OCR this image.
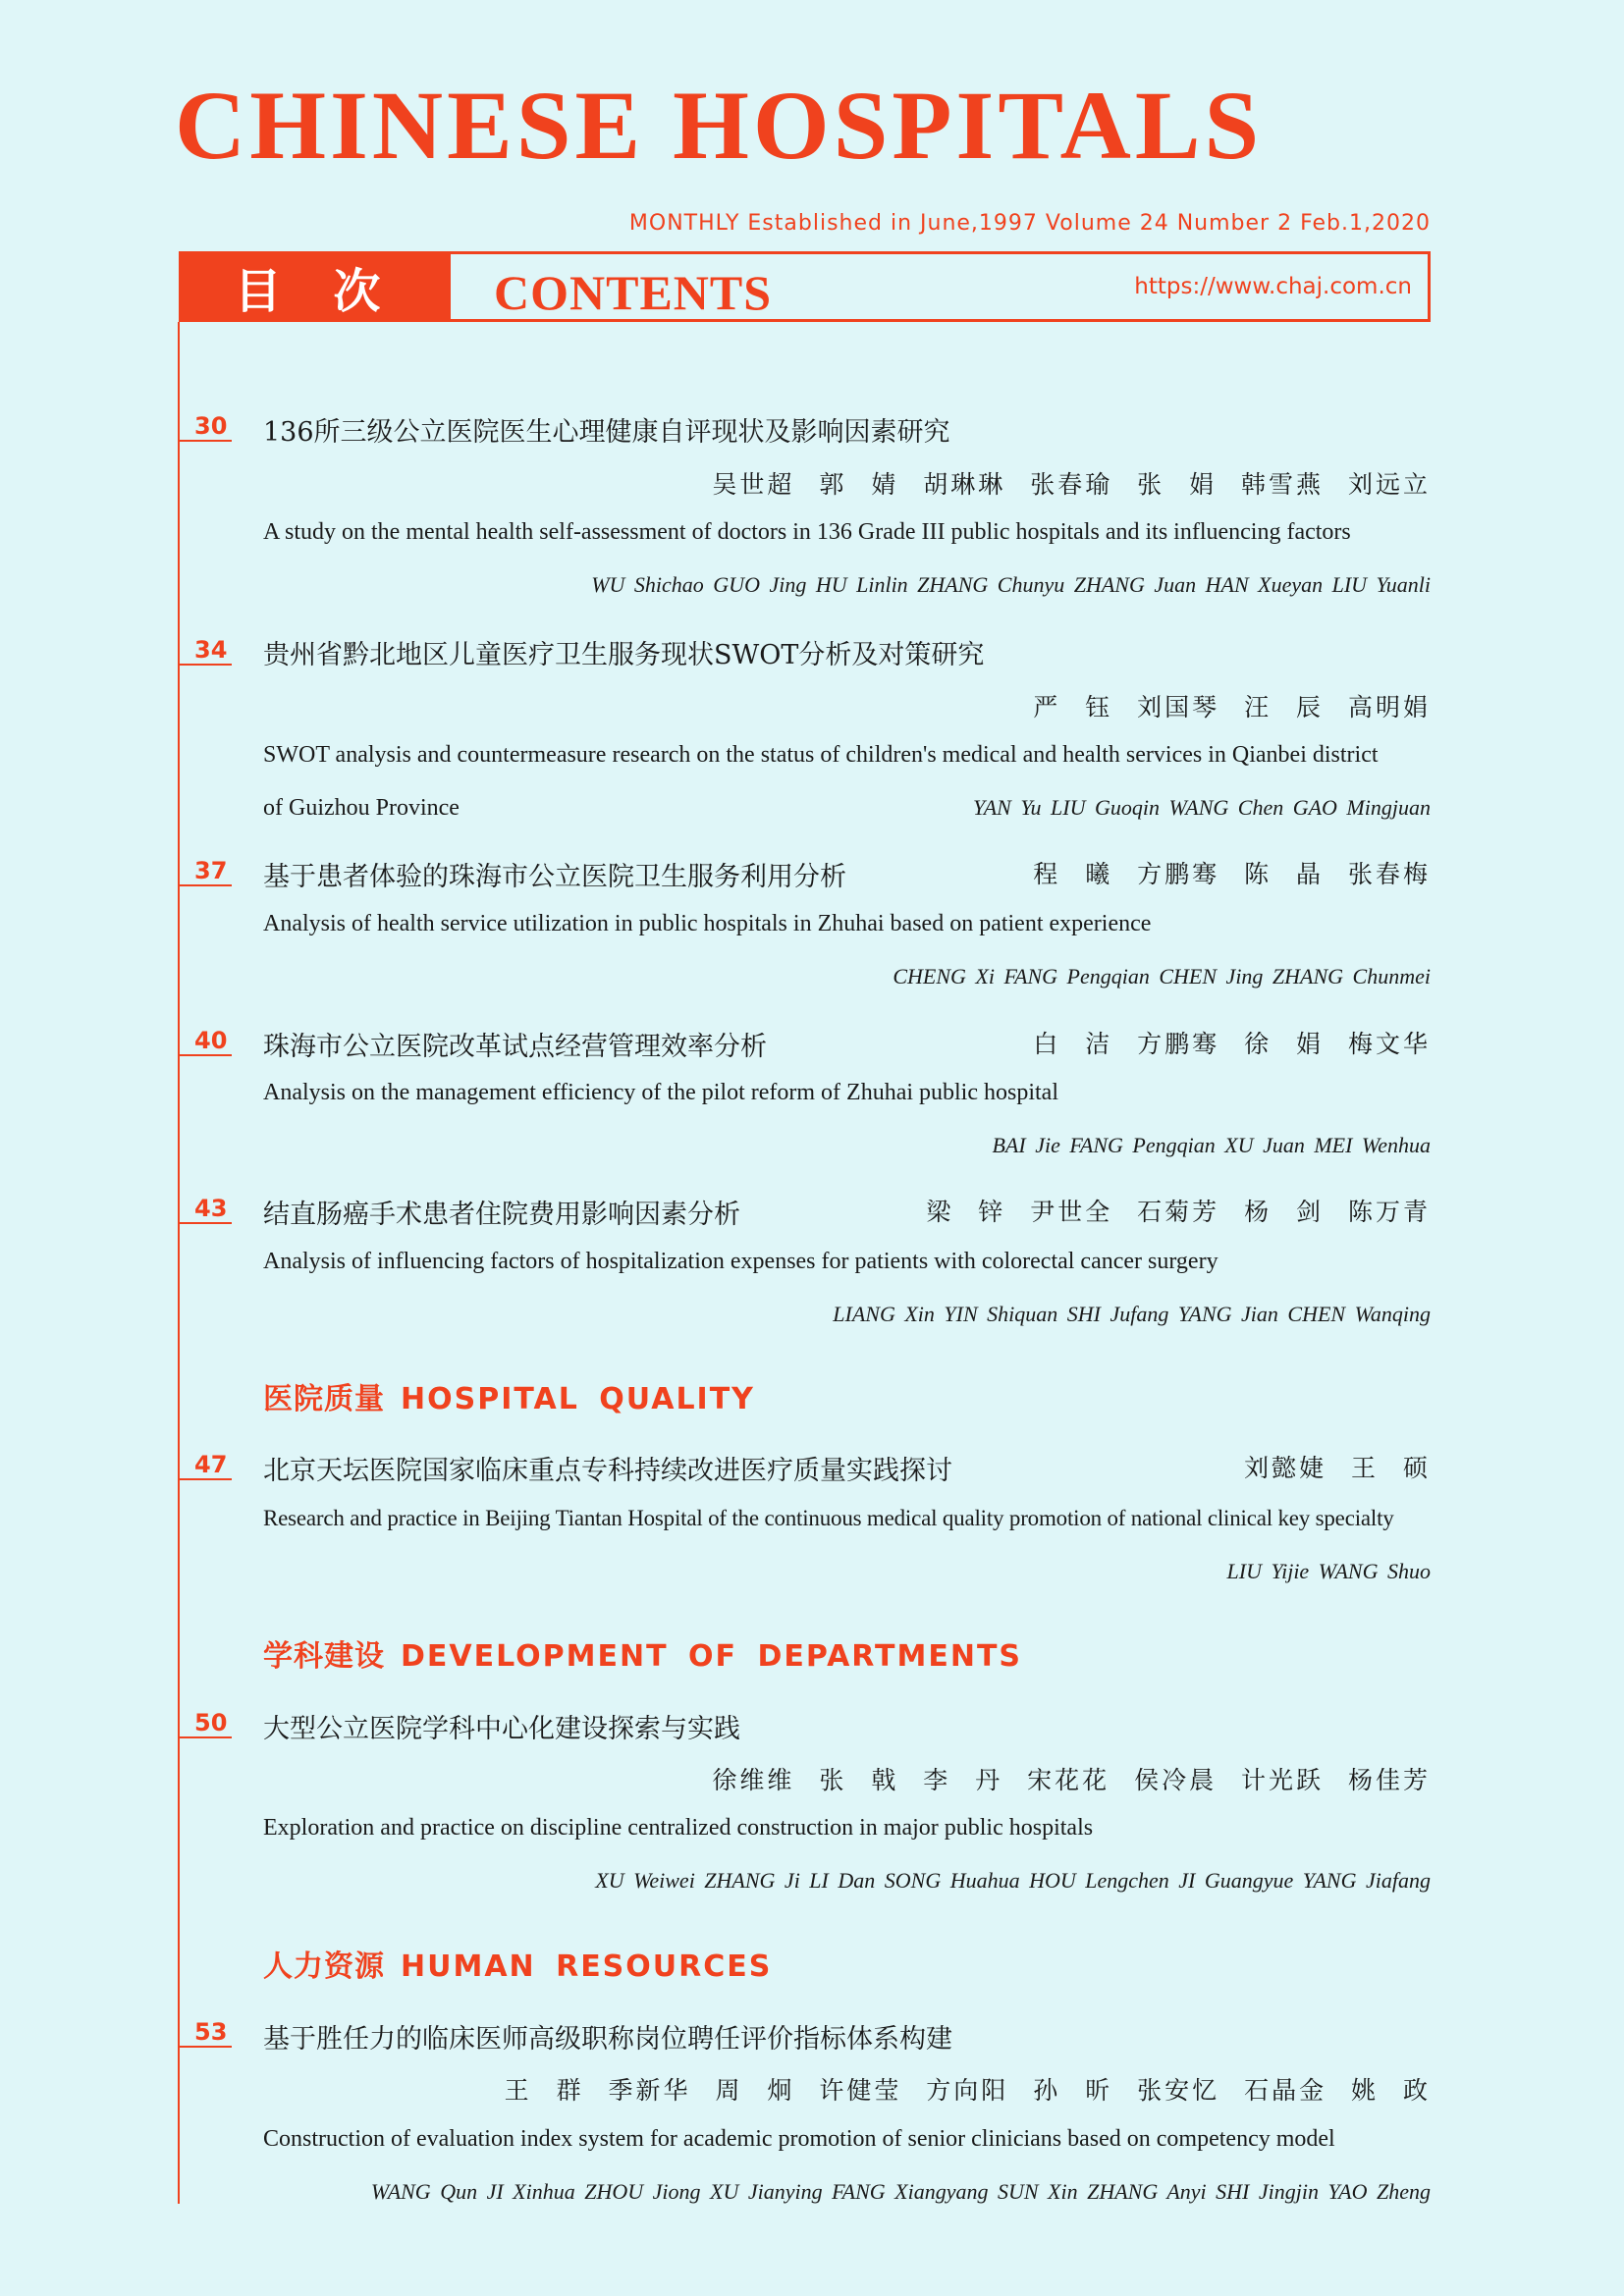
CHINESE HOSPITALS
MONTHLY Established in June,1997 Volume 24 Number 2 Feb.1,2020
目 次	CONTENTS	https://www.chaj.com.cn
30	136所三级公立医院医生心理健康自评现状及影响因素研究
吴世超 郭 婧 胡琳琳 张春瑜 张 娟 韩雪燕 刘远立
A study on the mental health self-assessment of doctors in 136 Grade III public hospitals and its influencing factors
WU Shichao GUO Jing HU Linlin ZHANG Chunyu ZHANG Juan HAN Xueyan LIU Yuanli
34	贵州省黔北地区儿童医疗卫生服务现状SWOT分析及对策研究
严 钰 刘国琴 汪 辰 高明娟
SWOT analysis and countermeasure research on the status of children's medical and health services in Qianbei district
of Guizhou Province	YAN Yu LIU Guoqin WANG Chen GAO Mingjuan
37	基于患者体验的珠海市公立医院卫生服务利用分析	程 曦 方鹏骞 陈 晶 张春梅
Analysis of health service utilization in public hospitals in Zhuhai based on patient experience
CHENG Xi FANG Pengqian CHEN Jing ZHANG Chunmei
40	珠海市公立医院改革试点经营管理效率分析	白 洁 方鹏骞 徐 娟 梅文华
Analysis on the management efficiency of the pilot reform of Zhuhai public hospital
BAI Jie FANG Pengqian XU Juan MEI Wenhua
43	结直肠癌手术患者住院费用影响因素分析	梁 锌 尹世全 石菊芳 杨 剑 陈万青
Analysis of influencing factors of hospitalization expenses for patients with colorectal cancer surgery
LIANG Xin YIN Shiquan SHI Jufang YANG Jian CHEN Wanqing
医院质量 HOSPITAL QUALITY
47	北京天坛医院国家临床重点专科持续改进医疗质量实践探讨	刘懿婕 王 硕
Research and practice in Beijing Tiantan Hospital of the continuous medical quality promotion of national clinical key specialty
LIU Yijie WANG Shuo
学科建设 DEVELOPMENT OF DEPARTMENTS
50	大型公立医院学科中心化建设探索与实践
徐维维 张 戟 李 丹 宋花花 侯冷晨 计光跃 杨佳芳
Exploration and practice on discipline centralized construction in major public hospitals
XU Weiwei ZHANG Ji LI Dan SONG Huahua HOU Lengchen JI Guangyue YANG Jiafang
人力资源 HUMAN RESOURCES
53	基于胜任力的临床医师高级职称岗位聘任评价指标体系构建
王 群 季新华 周 炯 许健莹 方向阳 孙 昕 张安忆 石晶金 姚 政
Construction of evaluation index system for academic promotion of senior clinicians based on competency model
WANG Qun JI Xinhua ZHOU Jiong XU Jianying FANG Xiangyang SUN Xin ZHANG Anyi SHI Jingjin YAO Zheng
